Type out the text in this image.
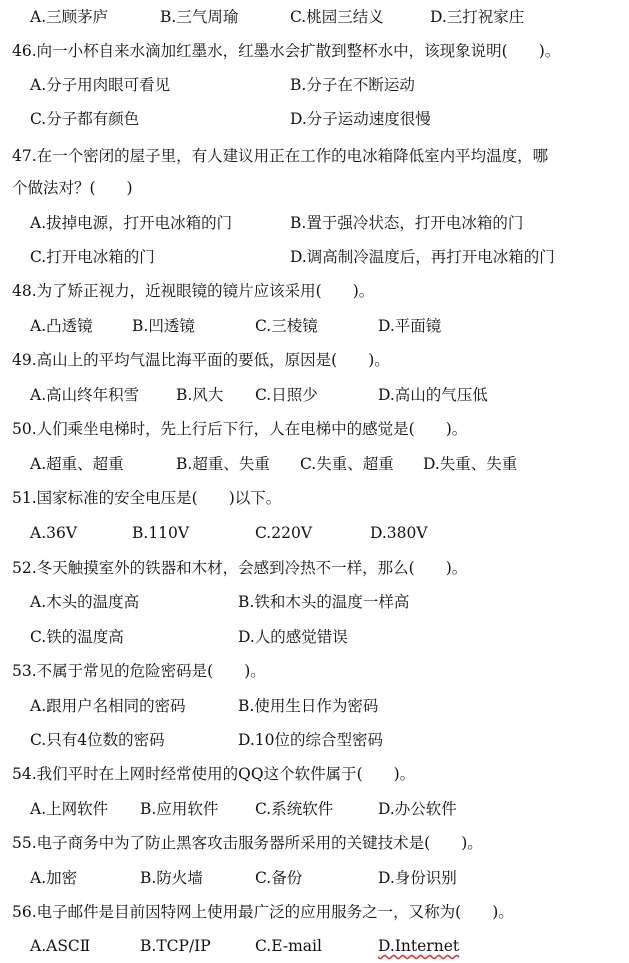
A.三顾茅庐	B.三气周瑜	C.桃园三结义	D.三打祝家庄
46.向一小杯自来水滴加红墨水，红墨水会扩散到整杯水中，该现象说明(　　)。
A.分子用肉眼可看见	B.分子在不断运动
C.分子都有颜色	D.分子运动速度很慢
47.在一个密闭的屋子里，有人建议用正在工作的电冰箱降低室内平均温度，哪
个做法对？(　　)
A.拔掉电源，打开电冰箱的门	B.置于强冷状态，打开电冰箱的门
C.打开电冰箱的门	D.调高制冷温度后，再打开电冰箱的门
48.为了矫正视力，近视眼镜的镜片应该采用(　　)。
A.凸透镜	B.凹透镜	C.三棱镜	D.平面镜
49.高山上的平均气温比海平面的要低，原因是(　　)。
A.高山终年积雪 B.风大 C.日照少	D.高山的气压低
50.人们乘坐电梯时，先上行后下行，人在电梯中的感觉是(　　)。
A.超重、超重	B.超重、失重 C.失重、超重 D.失重、失重
51.国家标准的安全电压是(　　)以下。
A.36V	B.110V	C.220V	D.380V
52.冬天触摸室外的铁器和木材，会感到冷热不一样，那么(　　)。
A.木头的温度高	B.铁和木头的温度一样高
C.铁的温度高	D.人的感觉错误
53.不属于常见的危险密码是(　　)。
A.跟用户名相同的密码	B.使用生日作为密码
C.只有4位数的密码	D.10位的综合型密码
54.我们平时在上网时经常使用的QQ这个软件属于(　　)。
A.上网软件 B.应用软件 C.系统软件	D.办公软件
55.电子商务中为了防止黑客攻击服务器所采用的关键技术是(　　)。
A.加密	B.防火墙	C.备份	D.身份识别
56.电子邮件是目前因特网上使用最广泛的应用服务之一，又称为(　　)。
A.ASCⅡ	B.TCP/IP	C.E-mail	D.Internet
